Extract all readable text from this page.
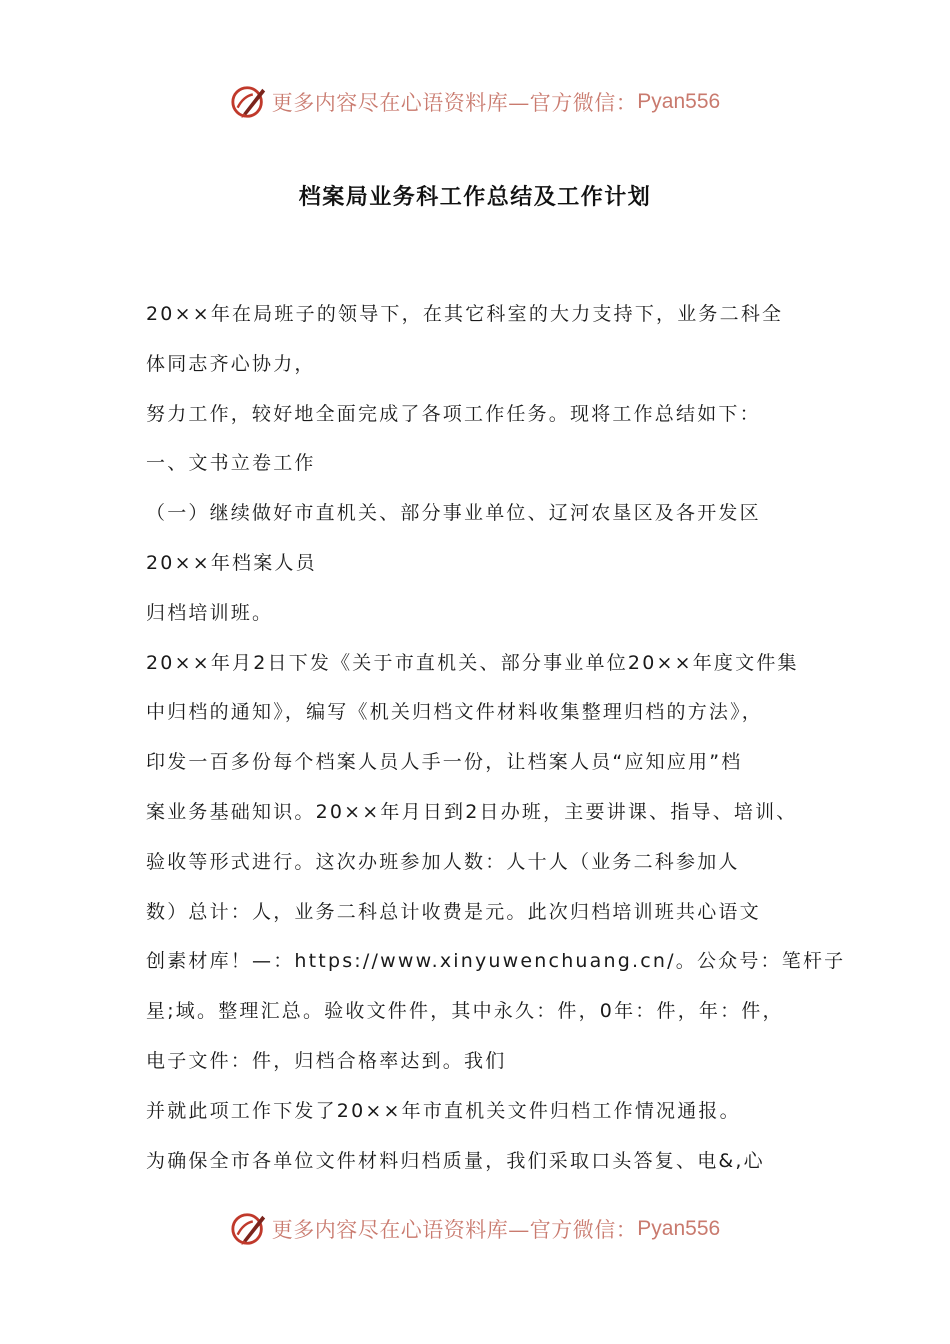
更多内容尽在心语资料库—官方微信： Pyan556
档案局业务科工作总结及工作计划
20××年在局班子的领导下，在其它科室的大力支持下，业务二科全
体同志齐心协力，
努力工作，较好地全面完成了各项工作任务。现将工作总结如下：
一、文书立卷工作
（一）继续做好市直机关、部分事业单位、辽河农垦区及各开发区
20××年档案人员
归档培训班。
20××年月2日下发《关于市直机关、部分事业单位20××年度文件集
中归档的通知》，编写《机关归档文件材料收集整理归档的方法》，
印发一百多份每个档案人员人手一份，让档案人员“应知应用”档
案业务基础知识。20××年月日到2日办班，主要讲课、指导、培训、
验收等形式进行。这次办班参加人数：人十人（业务二科参加人
数）总计：人，业务二科总计收费是元。此次归档培训班共心语文
创素材库！—：https://www.xinyuwenchuang.cn/。公众号：笔杆子
星;域。整理汇总。验收文件件，其中永久：件，0年：件，年：件，
电子文件：件，归档合格率达到。我们
并就此项工作下发了20××年市直机关文件归档工作情况通报。
为确保全市各单位文件材料归档质量，我们采取口头答复、电&,心
更多内容尽在心语资料库—官方微信： Pyan556
